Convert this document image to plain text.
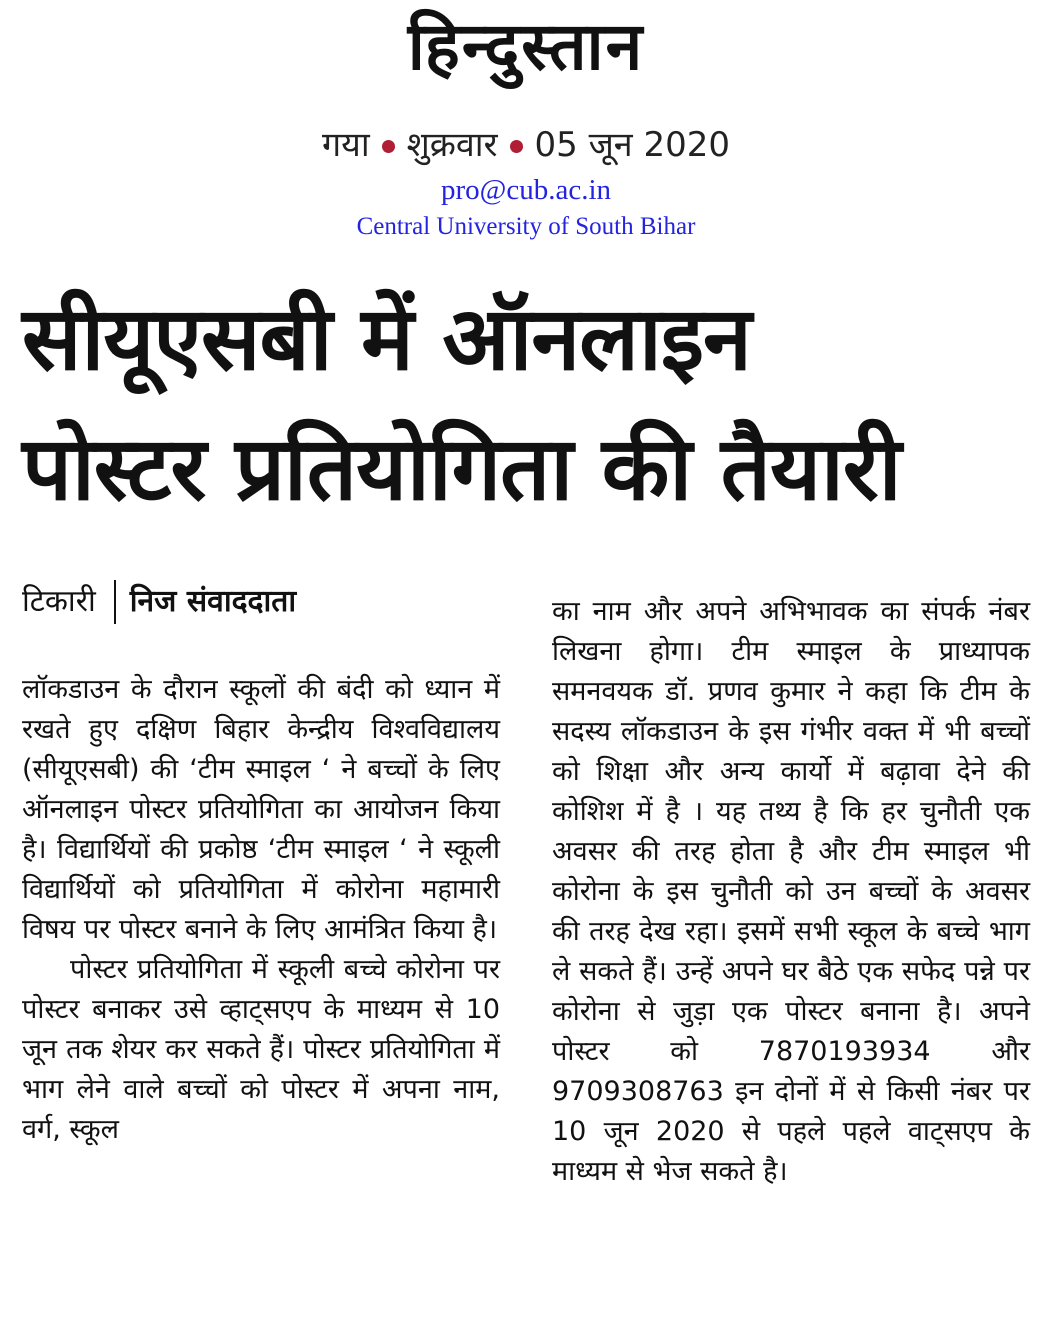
हिन्दुस्तान
गया शुक्रवार 05 जून 2020
pro@cub.ac.in
Central University of South Bihar
सीयूएसबी में ऑनलाइन
पोस्टर प्रतियोगिता की तैयारी
टिकारी निज संवाददाता

लॉकडाउन के दौरान स्कूलों की बंदी को ध्यान में रखते हुए दक्षिण बिहार केन्द्रीय विश्वविद्यालय (सीयूएसबी) की ‘टीम स्माइल ‘ ने बच्चों के लिए ऑनलाइन पोस्टर प्रतियोगिता का आयोजन किया है। विद्यार्थियों की प्रकोष्ठ ‘टीम स्माइल ‘ ने स्कूली विद्यार्थियों को प्रतियोगिता में कोरोना महामारी विषय पर पोस्टर बनाने के लिए आमंत्रित किया है।

पोस्टर प्रतियोगिता में स्कूली बच्चे कोरोना पर पोस्टर बनाकर उसे व्हाट्सएप के माध्यम से 10 जून तक शेयर कर सकते हैं। पोस्टर प्रतियोगिता में भाग लेने वाले बच्चों को पोस्टर में अपना नाम, वर्ग, स्कूल

का नाम और अपने अभिभावक का संपर्क नंबर लिखना होगा। टीम स्माइल के प्राध्यापक समनवयक डॉ. प्रणव कुमार ने कहा कि टीम के सदस्य लॉकडाउन के इस गंभीर वक्त में भी बच्चों को शिक्षा और अन्य कार्यो में बढ़ावा देने की कोशिश में है । यह तथ्य है कि हर चुनौती एक अवसर की तरह होता है और टीम स्माइल भी कोरोना के इस चुनौती को उन बच्चों के अवसर की तरह देख रहा। इसमें सभी स्कूल के बच्चे भाग ले सकते हैं। उन्हें अपने घर बैठे एक सफेद पन्ने पर कोरोना से जुड़ा एक पोस्टर बनाना है। अपने पोस्टर को 7870193934 और 9709308763 इन दोनों में से किसी नंबर पर 10 जून 2020 से पहले पहले वाट्सएप के माध्यम से भेज सकते है।
